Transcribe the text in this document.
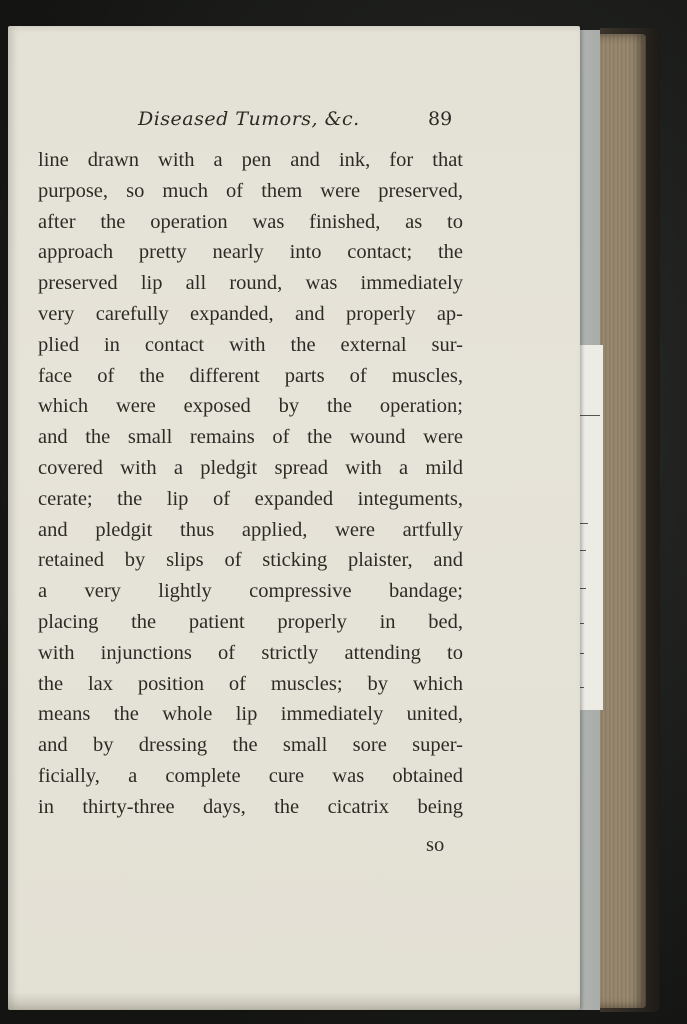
Diseased Tumors, &c.	89
line drawn with a pen and ink, for that
purpose, so much of them were preserved,
after the operation was finished, as to
approach pretty nearly into contact; the
preserved lip all round, was immediately
very carefully expanded, and properly ap-
plied in contact with the external sur-
face of the different parts of muscles,
which were exposed by the operation;
and the small remains of the wound were
covered with a pledgit spread with a mild
cerate; the lip of expanded integuments,
and pledgit thus applied, were artfully
retained by slips of sticking plaister, and
a very lightly compressive bandage;
placing the patient properly in bed,
with injunctions of strictly attending to
the lax position of muscles; by which
means the whole lip immediately united,
and by dressing the small sore super-
ficially, a complete cure was obtained
in thirty-three days, the cicatrix being
so
